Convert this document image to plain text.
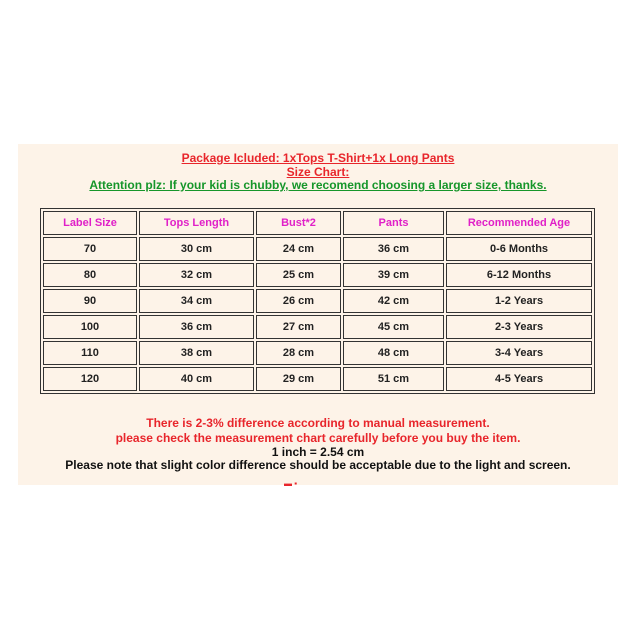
Package Icluded: 1xTops T-Shirt+1x Long Pants
Size Chart:
Attention plz: If your kid is chubby, we recomend choosing a larger size, thanks.
Label Size	Tops Length	Bust*2	Pants	Recommended Age
70	30 cm	24 cm	36 cm	0-6 Months
80	32 cm	25 cm	39 cm	6-12 Months
90	34 cm	26 cm	42 cm	1-2 Years
100	36 cm	27 cm	45 cm	2-3 Years
110	38 cm	28 cm	48 cm	3-4 Years
120	40 cm	29 cm	51 cm	4-5 Years
There is 2-3% difference according to manual measurement.
please check the measurement chart carefully before you buy the item.
1 inch = 2.54 cm
Please note that slight color difference should be acceptable due to the light and screen.
▬ ▪
